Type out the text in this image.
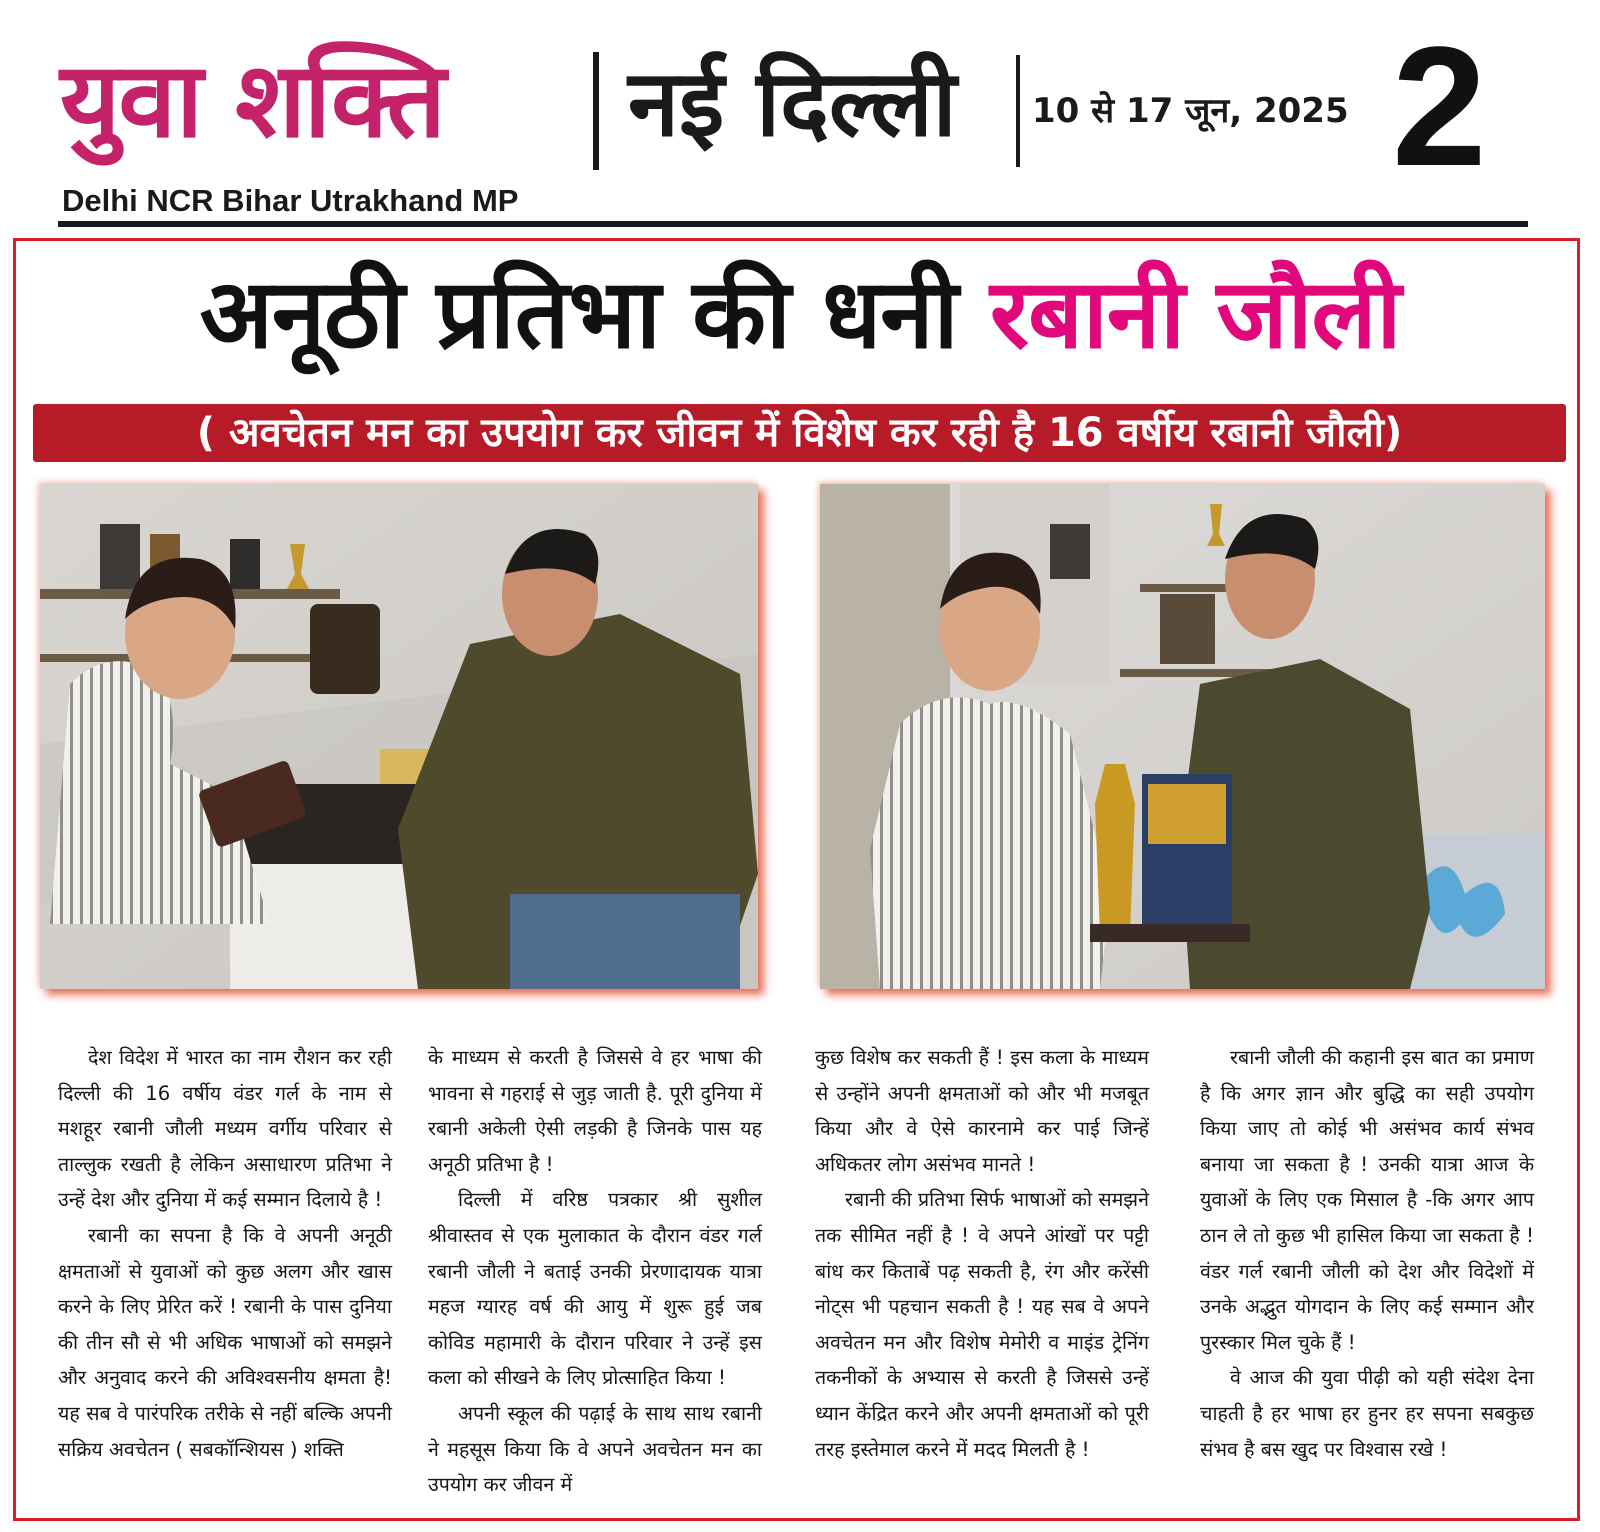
युवा शक्ति नई दिल्ली 10 से 17 जून, 2025 2
Delhi NCR Bihar Utrakhand MP
अनूठी प्रतिभा की धनी रबानी जौली
( अवचेतन मन का उपयोग कर जीवन में विशेष कर रही है 16 वर्षीय रबानी जौली)

देश विदेश में भारत का नाम रौशन कर रही दिल्ली की 16 वर्षीय वंडर गर्ल के नाम से मशहूर रबानी जौली मध्यम वर्गीय परिवार से ताल्लुक रखती है लेकिन असाधारण प्रतिभा ने उन्हें देश और दुनिया में कई सम्मान दिलाये है !

रबानी का सपना है कि वे अपनी अनूठी क्षमताओं से युवाओं को कुछ अलग और खास करने के लिए प्रेरित करें ! रबानी के पास दुनिया की तीन सौ से भी अधिक भाषाओं को समझने और अनुवाद करने की अविश्वसनीय क्षमता है! यह सब वे पारंपरिक तरीके से नहीं बल्कि अपनी सक्रिय अवचेतन ( सबकॉन्शियस ) शक्ति

के माध्यम से करती है जिससे वे हर भाषा की भावना से गहराई से जुड़ जाती है. पूरी दुनिया में रबानी अकेली ऐसी लड़की है जिनके पास यह अनूठी प्रतिभा है !

दिल्ली में वरिष्ठ पत्रकार श्री सुशील श्रीवास्तव से एक मुलाकात के दौरान वंडर गर्ल रबानी जौली ने बताई उनकी प्रेरणादायक यात्रा महज ग्यारह वर्ष की आयु में शुरू हुई जब कोविड महामारी के दौरान परिवार ने उन्हें इस कला को सीखने के लिए प्रोत्साहित किया !

अपनी स्कूल की पढ़ाई के साथ साथ रबानी ने महसूस किया कि वे अपने अवचेतन मन का उपयोग कर जीवन में

कुछ विशेष कर सकती हैं ! इस कला के माध्यम से उन्होंने अपनी क्षमताओं को और भी मजबूत किया और वे ऐसे कारनामे कर पाई जिन्हें अधिकतर लोग असंभव मानते !

रबानी की प्रतिभा सिर्फ भाषाओं को समझने तक सीमित नहीं है ! वे अपने आंखों पर पट्टी बांध कर किताबें पढ़ सकती है, रंग और करेंसी नोट्स भी पहचान सकती है ! यह सब वे अपने अवचेतन मन और विशेष मेमोरी व माइंड ट्रेनिंग तकनीकों के अभ्यास से करती है जिससे उन्हें ध्यान केंद्रित करने और अपनी क्षमताओं को पूरी तरह इस्तेमाल करने में मदद मिलती है !

रबानी जौली की कहानी इस बात का प्रमाण है कि अगर ज्ञान और बुद्धि का सही उपयोग किया जाए तो कोई भी असंभव कार्य संभव बनाया जा सकता है ! उनकी यात्रा आज के युवाओं के लिए एक मिसाल है -कि अगर आप ठान ले तो कुछ भी हासिल किया जा सकता है ! वंडर गर्ल रबानी जौली को देश और विदेशों में उनके अद्भुत योगदान के लिए कई सम्मान और पुरस्कार मिल चुके हैं !

वे आज की युवा पीढ़ी को यही संदेश देना चाहती है हर भाषा हर हुनर हर सपना सबकुछ संभव है बस खुद पर विश्वास रखे !
